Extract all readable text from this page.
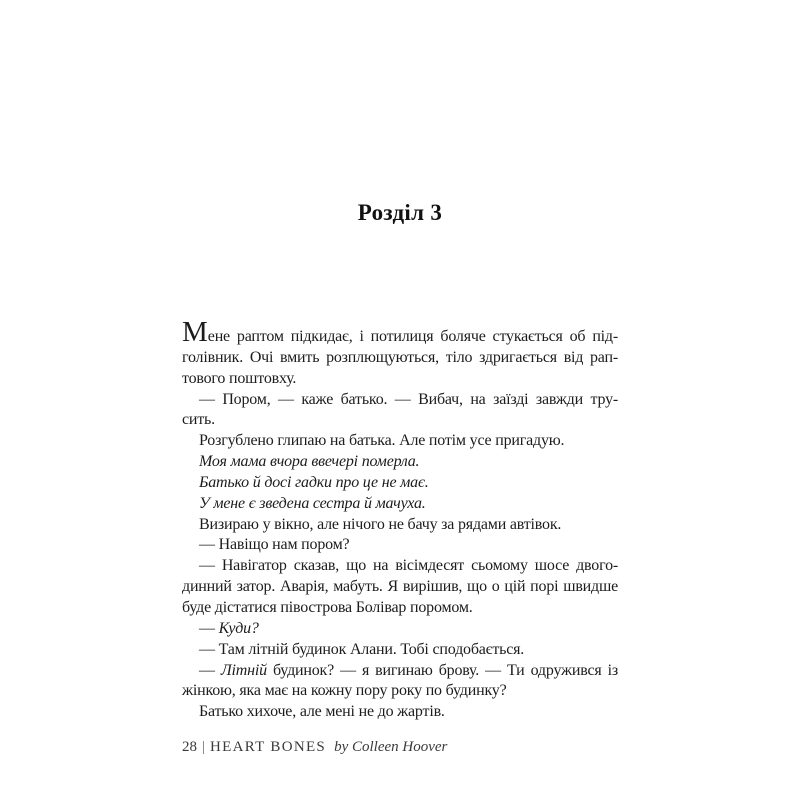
Розділ 3
Мене раптом підкидає, і потилиця боляче стукається об під-
голівник. Очі вмить розплющуються, тіло здригається від рап-
тового поштовху.
— Пором, — каже батько. — Вибач, на заїзді завжди тру-
сить.
Розгублено глипаю на батька. Але потім усе пригадую.
Моя мама вчора ввечері померла.
Батько й досі гадки про це не має.
У мене є зведена сестра й мачуха.
Визираю у вікно, але нічого не бачу за рядами автівок.
— Навіщо нам пором?
— Навігатор сказав, що на вісімдесят сьомому шосе двого-
динний затор. Аварія, мабуть. Я вирішив, що о цій порі швидше
буде дістатися півострова Болівар поромом.
— Куди?
— Там літній будинок Алани. Тобі сподобається.
— Літній будинок? — я вигинаю брову. — Ти одружився із
жінкою, яка має на кожну пору року по будинку?
Батько хихоче, але мені не до жартів.
28 | HEART BONES by Colleen Hoover
